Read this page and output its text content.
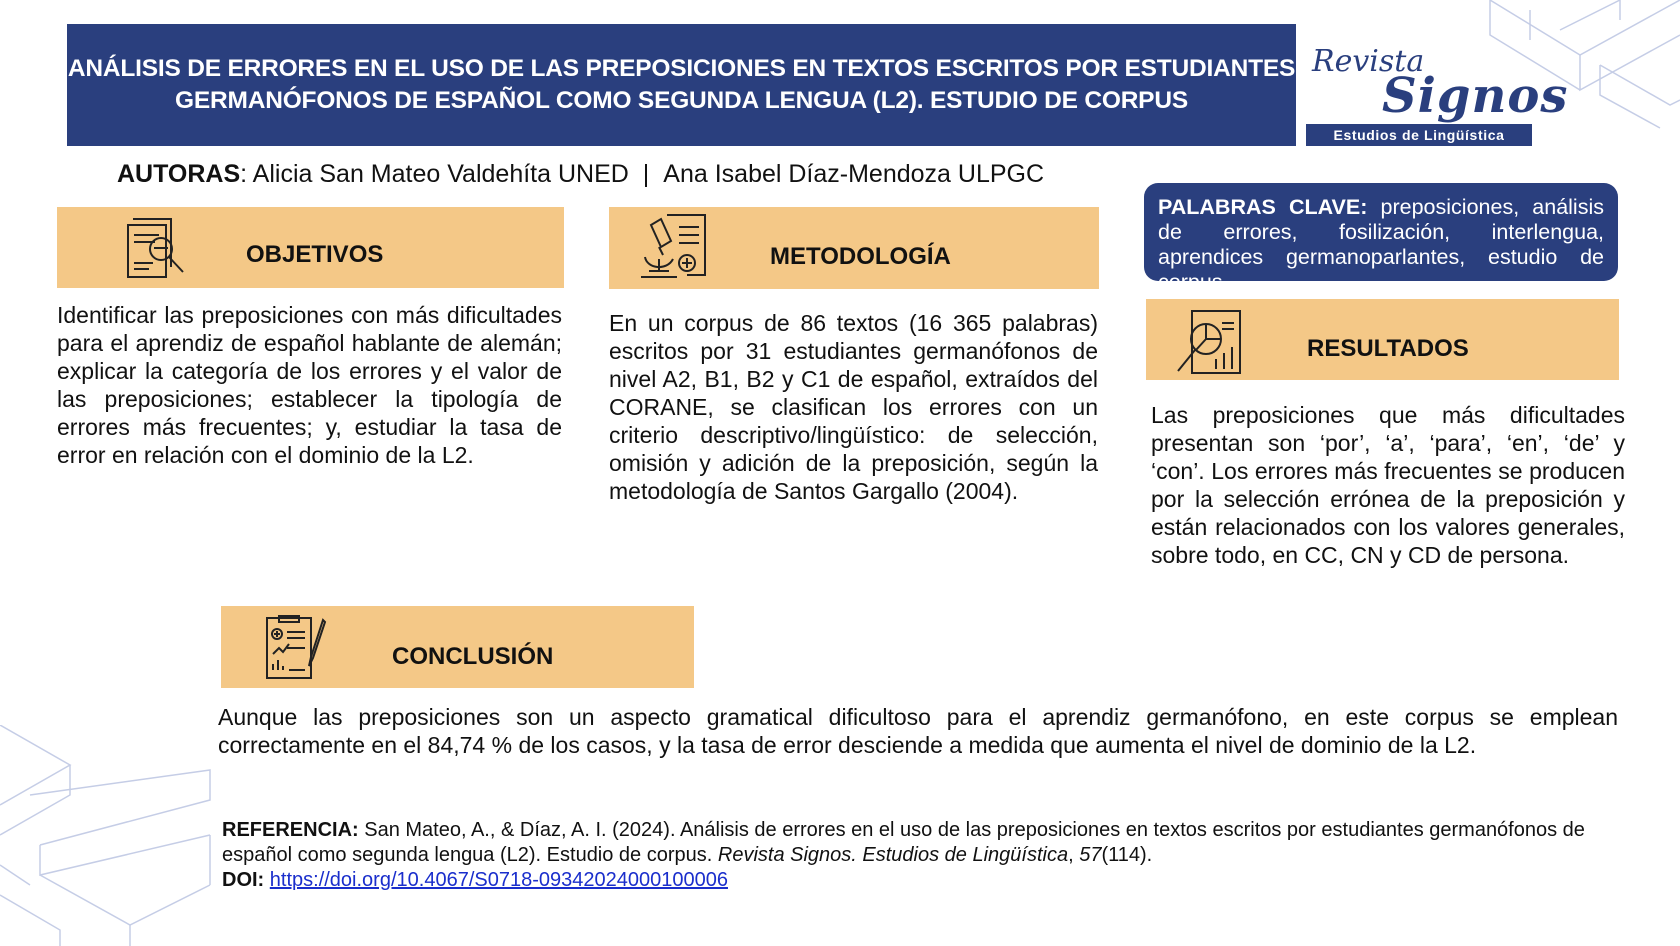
ANÁLISIS DE ERRORES EN EL USO DE LAS PREPOSICIONES EN TEXTOS ESCRITOS POR ESTUDIANTES
GERMANÓFONOS DE ESPAÑOL COMO SEGUNDA LENGUA (L2). ESTUDIO DE CORPUS
Revista
Signos
Estudios de Lingüística
AUTORAS: Alicia San Mateo Valdehíta UNED | Ana Isabel Díaz-Mendoza ULPGC
OBJETIVOS
Identificar las preposiciones con más dificultades para el aprendiz de español hablante de alemán; explicar la categoría de los errores y el valor de las preposiciones; establecer la tipología de errores más frecuentes; y, estudiar la tasa de error en relación con el dominio de la L2.
METODOLOGÍA
En un corpus de 86 textos (16 365 palabras) escritos por 31 estudiantes germanófonos de nivel A2, B1, B2 y C1 de español, extraídos del CORANE, se clasifican los errores con un criterio descriptivo/lingüístico: de selección, omisión y adición de la preposición, según la metodología de Santos Gargallo (2004).
PALABRAS CLAVE: preposiciones, análisis de errores, fosilización, interlengua, aprendices germanoparlantes, estudio de corpus
RESULTADOS
Las preposiciones que más dificultades presentan son ‘por’, ‘a’, ‘para’, ‘en’, ‘de’ y ‘con’. Los errores más frecuentes se producen por la selección errónea de la preposición y están relacionados con los valores generales, sobre todo, en CC, CN y CD de persona.
CONCLUSIÓN
Aunque las preposiciones son un aspecto gramatical dificultoso para el aprendiz germanófono, en este corpus se emplean correctamente en el 84,74 % de los casos, y la tasa de error desciende a medida que aumenta el nivel de dominio de la L2.
REFERENCIA: San Mateo, A., & Díaz, A. I. (2024). Análisis de errores en el uso de las preposiciones en textos escritos por estudiantes germanófonos de español como segunda lengua (L2). Estudio de corpus. Revista Signos. Estudios de Lingüística, 57(114).
DOI: https://doi.org/10.4067/S0718-09342024000100006
